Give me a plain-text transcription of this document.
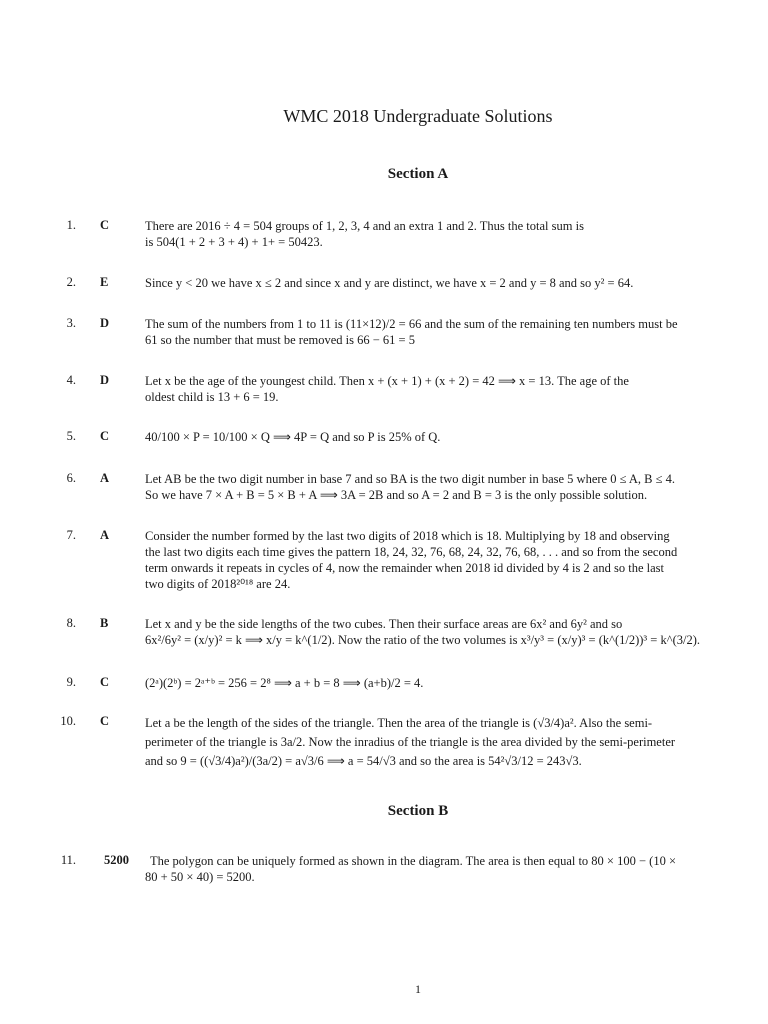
WMC 2018 Undergraduate Solutions
Section A
1. C	There are 2016 ÷ 4 = 504 groups of 1, 2, 3, 4 and an extra 1 and 2. Thus the total sum is
is 504(1 + 2 + 3 + 4) + 1+ = 50423.
2. E	Since y < 20 we have x ≤ 2 and since x and y are distinct, we have x = 2 and y = 8 and so y² = 64.
3. D	The sum of the numbers from 1 to 11 is (11×12)/2 = 66 and the sum of the remaining ten numbers must be
61 so the number that must be removed is 66 − 61 = 5
4. D	Let x be the age of the youngest child. Then x + (x + 1) + (x + 2) = 42 ⟹ x = 13. The age of the
oldest child is 13 + 6 = 19.
5. C	40/100 × P = 10/100 × Q ⟹ 4P = Q and so P is 25% of Q.
6. A	Let AB be the two digit number in base 7 and so BA is the two digit number in base 5 where 0 ≤ A, B ≤ 4.
So we have 7 × A + B = 5 × B + A ⟹ 3A = 2B and so A = 2 and B = 3 is the only possible solution.
7. A	Consider the number formed by the last two digits of 2018 which is 18. Multiplying by 18 and observing
the last two digits each time gives the pattern 18, 24, 32, 76, 68, 24, 32, 76, 68, . . . and so from the second
term onwards it repeats in cycles of 4, now the remainder when 2018 id divided by 4 is 2 and so the last
two digits of 2018²⁰¹⁸ are 24.
8. B	Let x and y be the side lengths of the two cubes. Then their surface areas are 6x² and 6y² and so
6x²/6y² = (x/y)² = k ⟹ x/y = k^(1/2). Now the ratio of the two volumes is x³/y³ = (x/y)³ = (k^(1/2))³ = k^(3/2).
9. C	(2ᵃ)(2ᵇ) = 2ᵃ⁺ᵇ = 256 = 2⁸ ⟹ a + b = 8 ⟹ (a+b)/2 = 4.
10. C	Let a be the length of the sides of the triangle. Then the area of the triangle is (√3/4)a². Also the semi-
perimeter of the triangle is 3a/2. Now the inradius of the triangle is the area divided by the semi-perimeter
and so 9 = ((√3/4)a²)/(3a/2) = a√3/6 ⟹ a = 54/√3 and so the area is 54²√3/12 = 243√3.
Section B
11. 5200 The polygon can be uniquely formed as shown in the diagram. The area is then equal to 80 × 100 − (10 ×
80 + 50 × 40) = 5200.
1
